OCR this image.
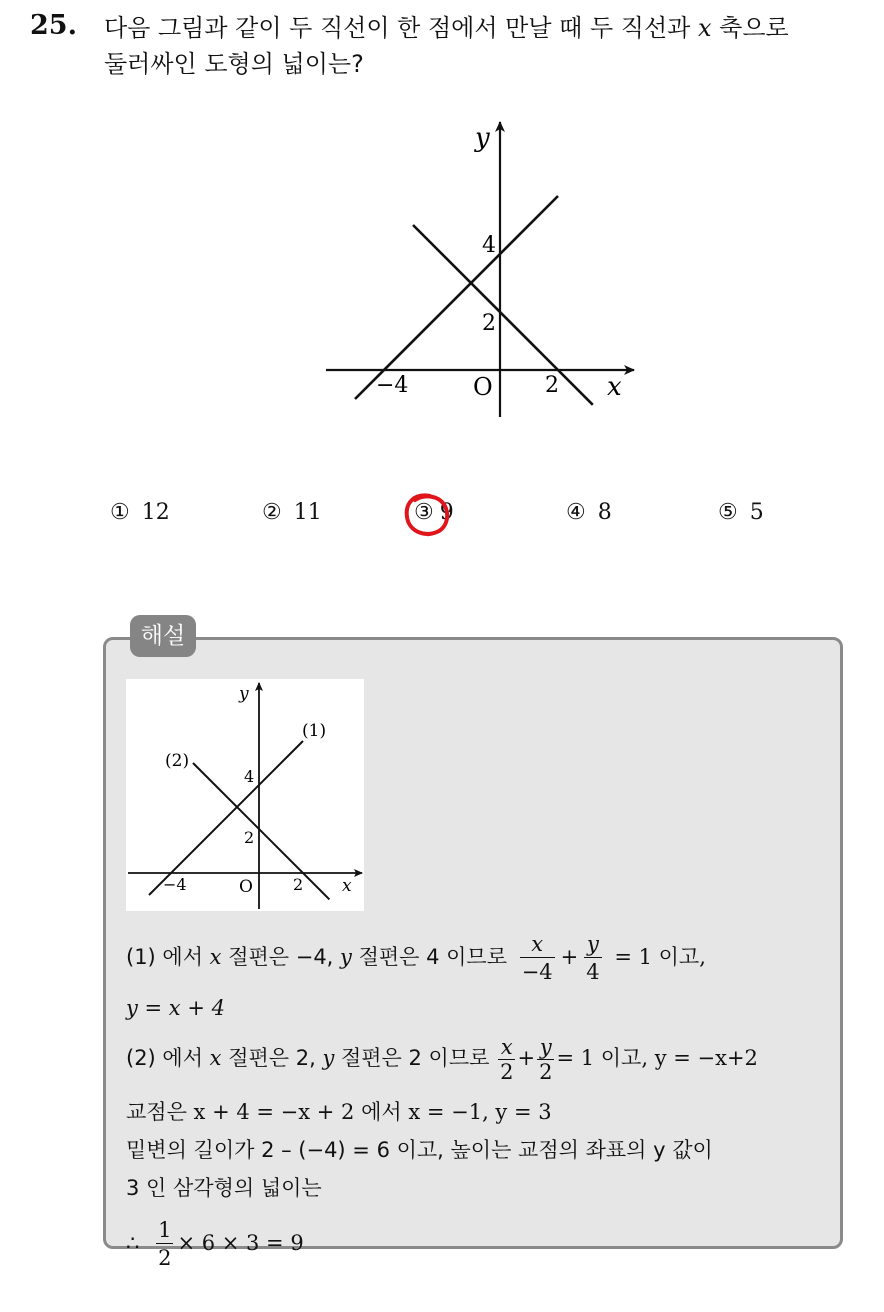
25. 다음 그림과 같이 두 직선이 한 점에서 만날 때 두 직선과 x 축으로
둘러싸인 도형의 넓이는?
y
x
O
4
2
−4	2
① 12	② 11	③ 9	④ 8	⑤ 5
해설
y
x
O
4
2
−4	2
(1)
(2)
(1) 에서 x 절편은 −4, y 절편은 4 이므로 $\frac{x}{-4} + \frac{y}{4} = 1$ 이고,
y = x + 4
(2) 에서 x 절편은 2, y 절편은 2 이므로 $\frac{x}{2} + \frac{y}{2} = 1$ 이고, y = −x+2
교점은 x + 4 = −x + 2 에서 x = −1, y = 3
밑변의 길이가 2 – (−4) = 6 이고, 높이는 교점의 좌표의 y 값이
3 인 삼각형의 넓이는
∴ $\frac{1}{2} \times 6 \times 3 = 9$
